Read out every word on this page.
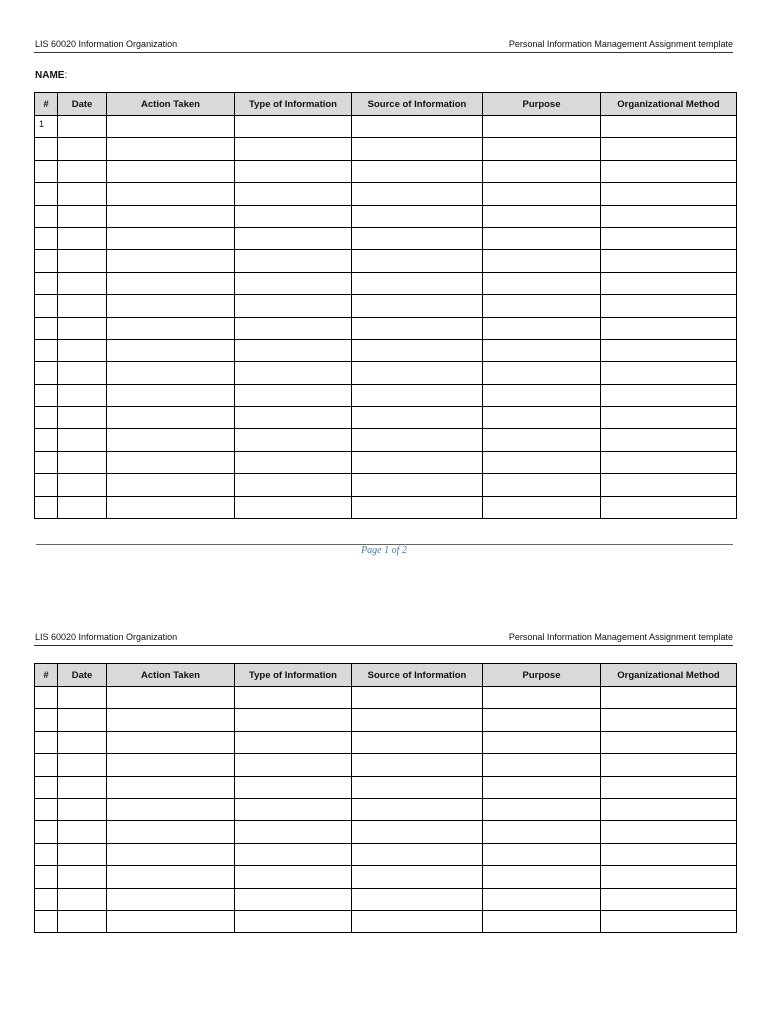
LIS 60020 Information Organization	Personal Information Management Assignment template
NAME:
#	Date	Action Taken	Type of Information	Source of Information	Purpose	Organizational Method
1						

Page 1 of 2
LIS 60020 Information Organization	Personal Information Management Assignment template
#	Date	Action Taken	Type of Information	Source of Information	Purpose	Organizational Method
